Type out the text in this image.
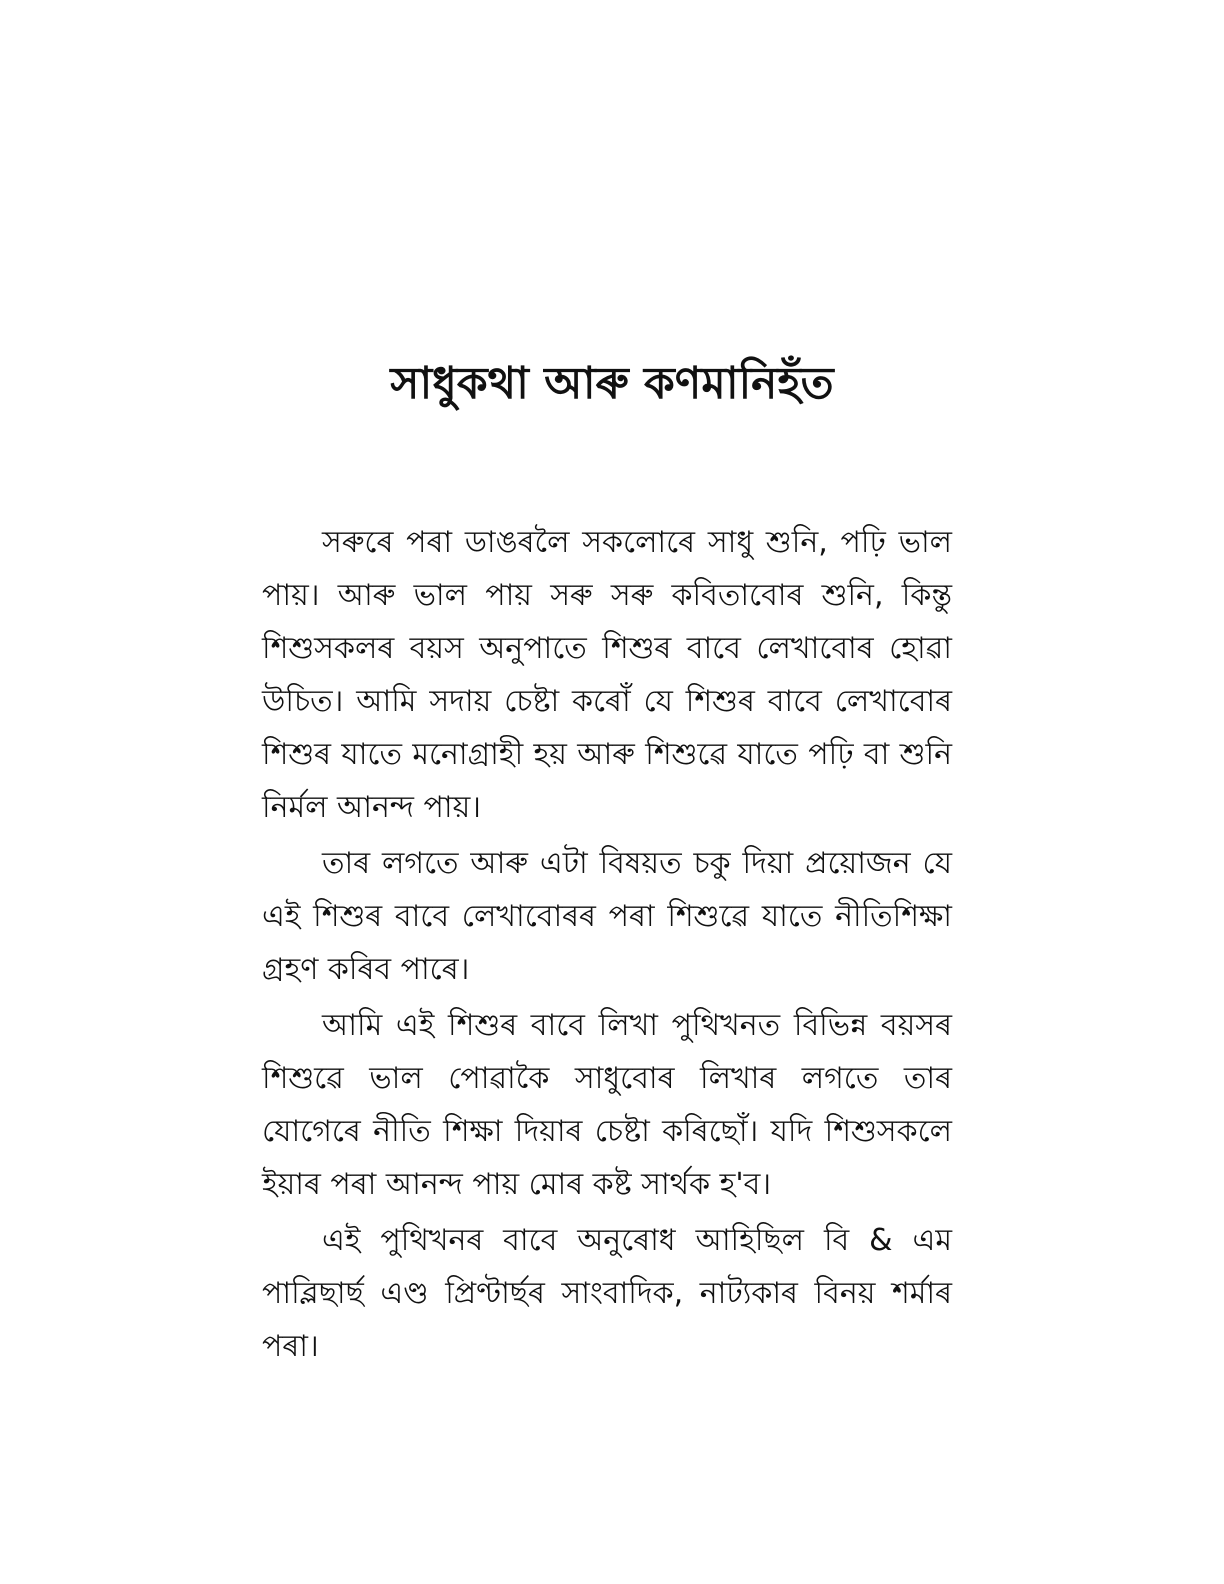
সাধুকথা আৰু কণমানিহঁত

সৰুৰে পৰা ডাঙৰলৈ সকলোৰে সাধু শুনি, পঢ়ি ভাল পায়। আৰু ভাল পায় সৰু সৰু কবিতাবোৰ শুনি, কিন্তু শিশুসকলৰ বয়স অনুপাতে শিশুৰ বাবে লেখাবোৰ হোৱা উচিত। আমি সদায় চেষ্টা কৰোঁ যে শিশুৰ বাবে লেখাবোৰ শিশুৰ যাতে মনোগ্ৰাহী হয় আৰু শিশুৱে যাতে পঢ়ি বা শুনি নিৰ্মল আনন্দ পায়।

তাৰ লগতে আৰু এটা বিষয়ত চকু দিয়া প্ৰয়োজন যে এই শিশুৰ বাবে লেখাবোৰৰ পৰা শিশুৱে যাতে নীতিশিক্ষা গ্ৰহণ কৰিব পাৰে।

আমি এই শিশুৰ বাবে লিখা পুথিখনত বিভিন্ন বয়সৰ শিশুৱে ভাল পোৱাকৈ সাধুবোৰ লিখাৰ লগতে তাৰ যোগেৰে নীতি শিক্ষা দিয়াৰ চেষ্টা কৰিছোঁ। যদি শিশুসকলে ইয়াৰ পৰা আনন্দ পায় মোৰ কষ্ট সাৰ্থক হ'ব।

এই পুথিখনৰ বাবে অনুৰোধ আহিছিল বি & এম পাব্লিছাৰ্ছ এণ্ড প্ৰিণ্টাৰ্ছৰ সাংবাদিক, নাট্যকাৰ বিনয় শৰ্মাৰ পৰা।
